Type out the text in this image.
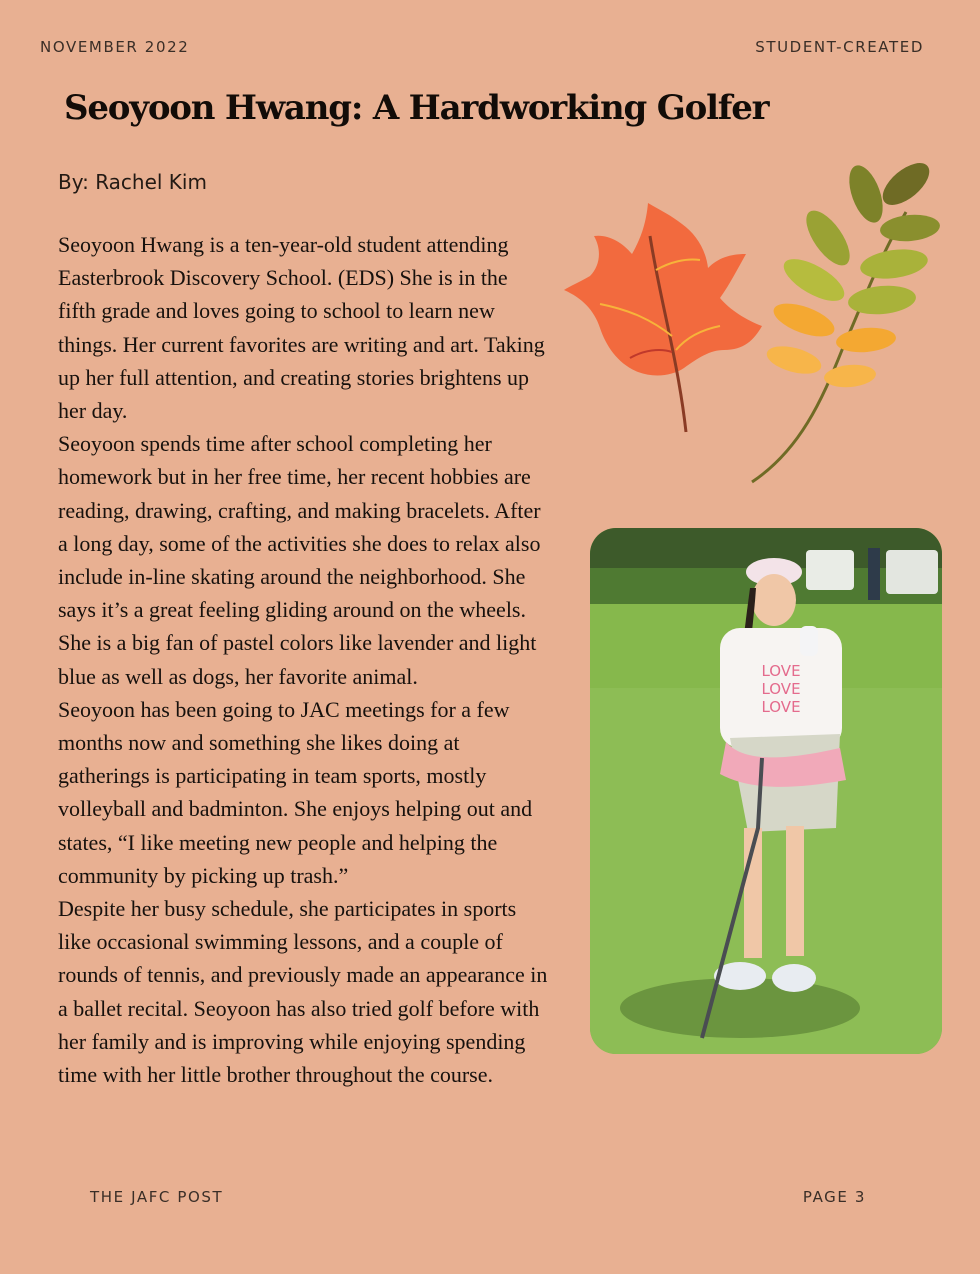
NOVEMBER 2022	STUDENT-CREATED
Seoyoon Hwang: A Hardworking Golfer
By: Rachel Kim

Seoyoon Hwang is a ten-year-old student attending Easterbrook Discovery School. (EDS) She is in the fifth grade and loves going to school to learn new things. Her current favorites are writing and art. Taking up her full attention, and creating stories brightens up her day.

Seoyoon spends time after school completing her homework but in her free time, her recent hobbies are reading, drawing, crafting, and making bracelets. After a long day, some of the activities she does to relax also include in-line skating around the neighborhood. She says it’s a great feeling gliding around on the wheels. She is a big fan of pastel colors like lavender and light blue as well as dogs, her favorite animal.

Seoyoon has been going to JAC meetings for a few months now and something she likes doing at gatherings is participating in team sports, mostly volleyball and badminton. She enjoys helping out and states, “I like meeting new people and helping the community by picking up trash.”

Despite her busy schedule, she participates in sports like occasional swimming lessons, and a couple of rounds of tennis, and previously made an appearance in a ballet recital. Seoyoon has also tried golf before with her family and is improving while enjoying spending time with her little brother throughout the course.

LOVE
LOVE
LOVE
THE JAFC POST	PAGE 3
